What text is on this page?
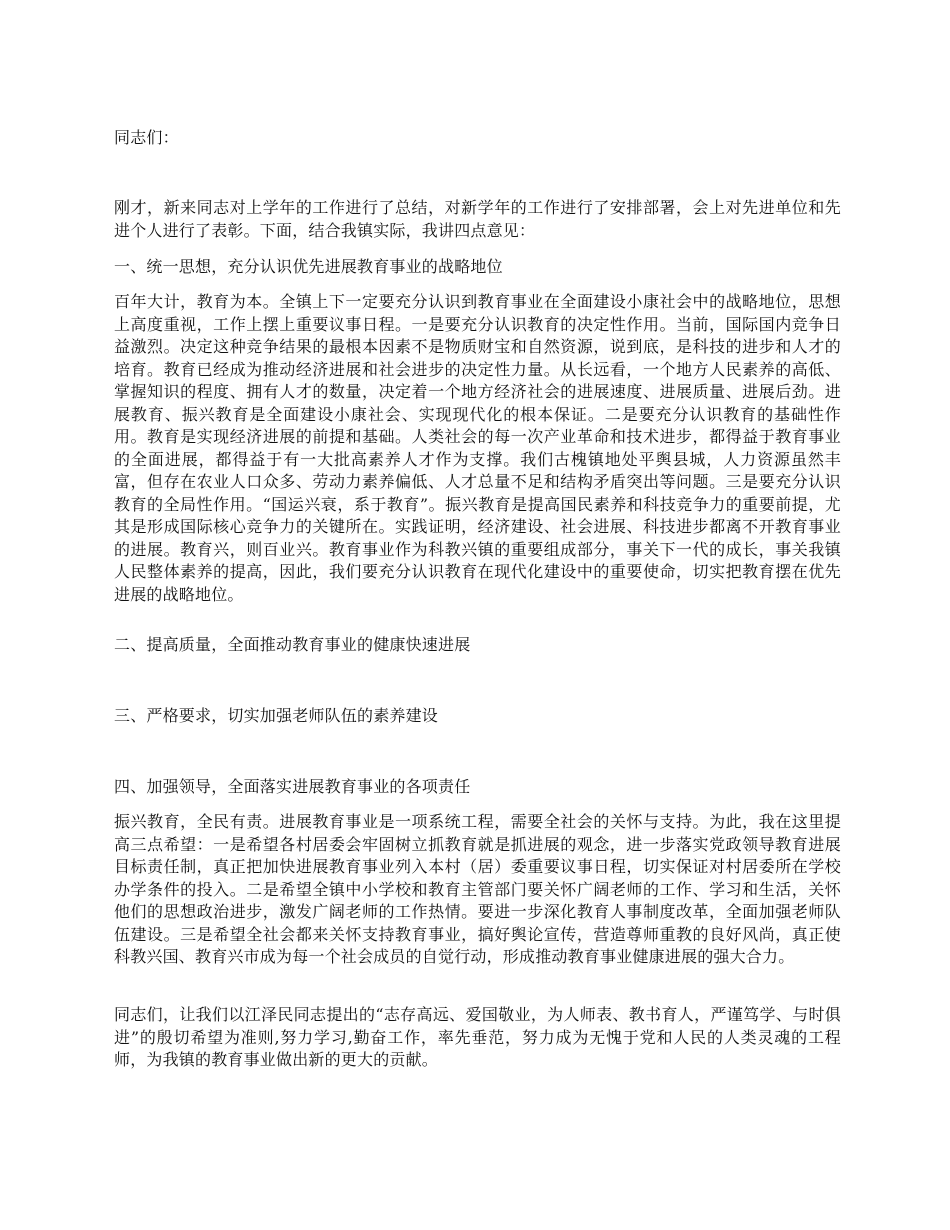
同志们：

刚才，新来同志对上学年的工作进行了总结，对新学年的工作进行了安排部署，会上对先进单位和先进个人进行了表彰。下面，结合我镇实际，我讲四点意见：

一、统一思想，充分认识优先进展教育事业的战略地位

百年大计，教育为本。全镇上下一定要充分认识到教育事业在全面建设小康社会中的战略地位，思想上高度重视，工作上摆上重要议事日程。一是要充分认识教育的决定性作用。当前，国际国内竞争日益激烈。决定这种竞争结果的最根本因素不是物质财宝和自然资源，说到底，是科技的进步和人才的培育。教育已经成为推动经济进展和社会进步的决定性力量。从长远看，一个地方人民素养的高低、掌握知识的程度、拥有人才的数量，决定着一个地方经济社会的进展速度、进展质量、进展后劲。进展教育、振兴教育是全面建设小康社会、实现现代化的根本保证。二是要充分认识教育的基础性作用。教育是实现经济进展的前提和基础。人类社会的每一次产业革命和技术进步，都得益于教育事业的全面进展，都得益于有一大批高素养人才作为支撑。我们古槐镇地处平舆县城，人力资源虽然丰富，但存在农业人口众多、劳动力素养偏低、人才总量不足和结构矛盾突出等问题。三是要充分认识教育的全局性作用。“国运兴衰，系于教育”。振兴教育是提高国民素养和科技竞争力的重要前提，尤其是形成国际核心竞争力的关键所在。实践证明，经济建设、社会进展、科技进步都离不开教育事业的进展。教育兴，则百业兴。教育事业作为科教兴镇的重要组成部分，事关下一代的成长，事关我镇人民整体素养的提高，因此，我们要充分认识教育在现代化建设中的重要使命，切实把教育摆在优先进展的战略地位。

二、提高质量，全面推动教育事业的健康快速进展

三、严格要求，切实加强老师队伍的素养建设

四、加强领导，全面落实进展教育事业的各项责任

振兴教育，全民有责。进展教育事业是一项系统工程，需要全社会的关怀与支持。为此，我在这里提高三点希望：一是希望各村居委会牢固树立抓教育就是抓进展的观念，进一步落实党政领导教育进展目标责任制，真正把加快进展教育事业列入本村（居）委重要议事日程，切实保证对村居委所在学校办学条件的投入。二是希望全镇中小学校和教育主管部门要关怀广阔老师的工作、学习和生活，关怀他们的思想政治进步，激发广阔老师的工作热情。要进一步深化教育人事制度改革，全面加强老师队伍建设。三是希望全社会都来关怀支持教育事业，搞好舆论宣传，营造尊师重教的良好风尚，真正使科教兴国、教育兴市成为每一个社会成员的自觉行动，形成推动教育事业健康进展的强大合力。

同志们，让我们以江泽民同志提出的“志存高远、爱国敬业，为人师表、教书育人，严谨笃学、与时俱进”的殷切希望为准则,努力学习,勤奋工作，率先垂范，努力成为无愧于党和人民的人类灵魂的工程师，为我镇的教育事业做出新的更大的贡献。
